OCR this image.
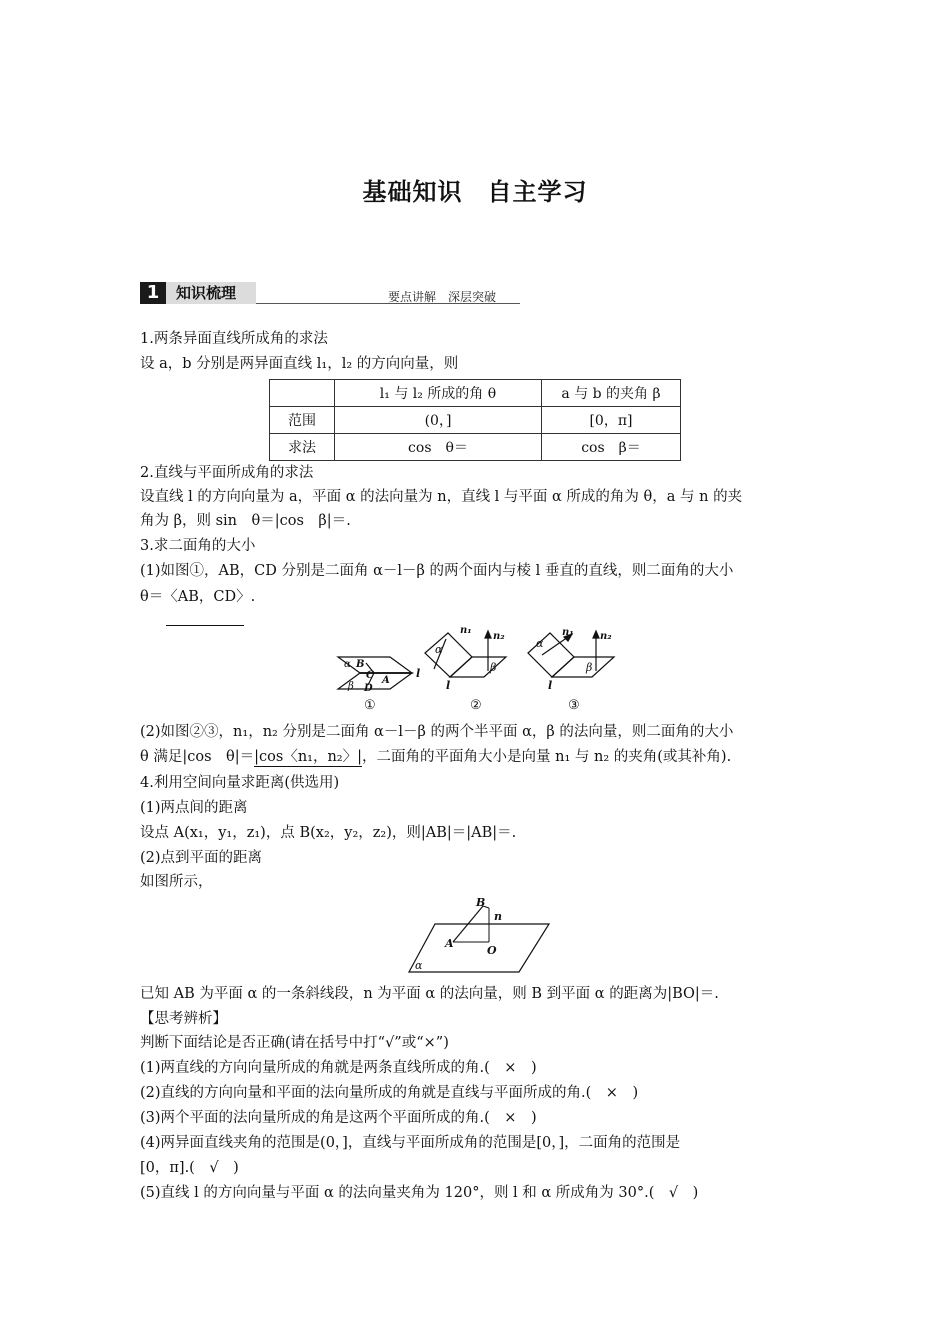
基础知识　自主学习
1	知识梳理	要点讲解　深层突破
1.两条异面直线所成角的求法
设 a，b 分别是两异面直线 l₁，l₂ 的方向向量，则
	l₁ 与 l₂ 所成的角 θ	a 与 b 的夹角 β
范围	(0，]	[0，π]
求法	cos　θ＝	cos　β＝
2.直线与平面所成角的求法
设直线 l 的方向向量为 a，平面 α 的法向量为 n，直线 l 与平面 α 所成的角为 θ，a 与 n 的夹
角为 β，则 sin　θ＝|cos　β|＝.
3.求二面角的大小
(1)如图①，AB，CD 分别是二面角 α－l－β 的两个面内与棱 l 垂直的直线，则二面角的大小
θ＝〈AB，CD〉.
α B
C A
β D
l
①
n₁
n₂
α
β
l
②
n₁	n₂
α
β
l
③
(2)如图②③，n₁，n₂ 分别是二面角 α－l－β 的两个半平面 α，β 的法向量，则二面角的大小
θ 满足|cos　θ|＝|cos〈n₁，n₂〉|，二面角的平面角大小是向量 n₁ 与 n₂ 的夹角(或其补角).
4.利用空间向量求距离(供选用)
(1)两点间的距离
设点 A(x₁，y₁，z₁)，点 B(x₂，y₂，z₂)，则|AB|＝|AB|＝.
(2)点到平面的距离
如图所示，
B
n
A
O
α
已知 AB 为平面 α 的一条斜线段，n 为平面 α 的法向量，则 B 到平面 α 的距离为|BO|＝.
【思考辨析】
判断下面结论是否正确(请在括号中打“√”或“×”)
(1)两直线的方向向量所成的角就是两条直线所成的角.(　×　)
(2)直线的方向向量和平面的法向量所成的角就是直线与平面所成的角.(　×　)
(3)两个平面的法向量所成的角是这两个平面所成的角.(　×　)
(4)两异面直线夹角的范围是(0，]，直线与平面所成角的范围是[0，]，二面角的范围是
[0，π].(　√　)
(5)直线 l 的方向向量与平面 α 的法向量夹角为 120°，则 l 和 α 所成角为 30°.(　√　)
